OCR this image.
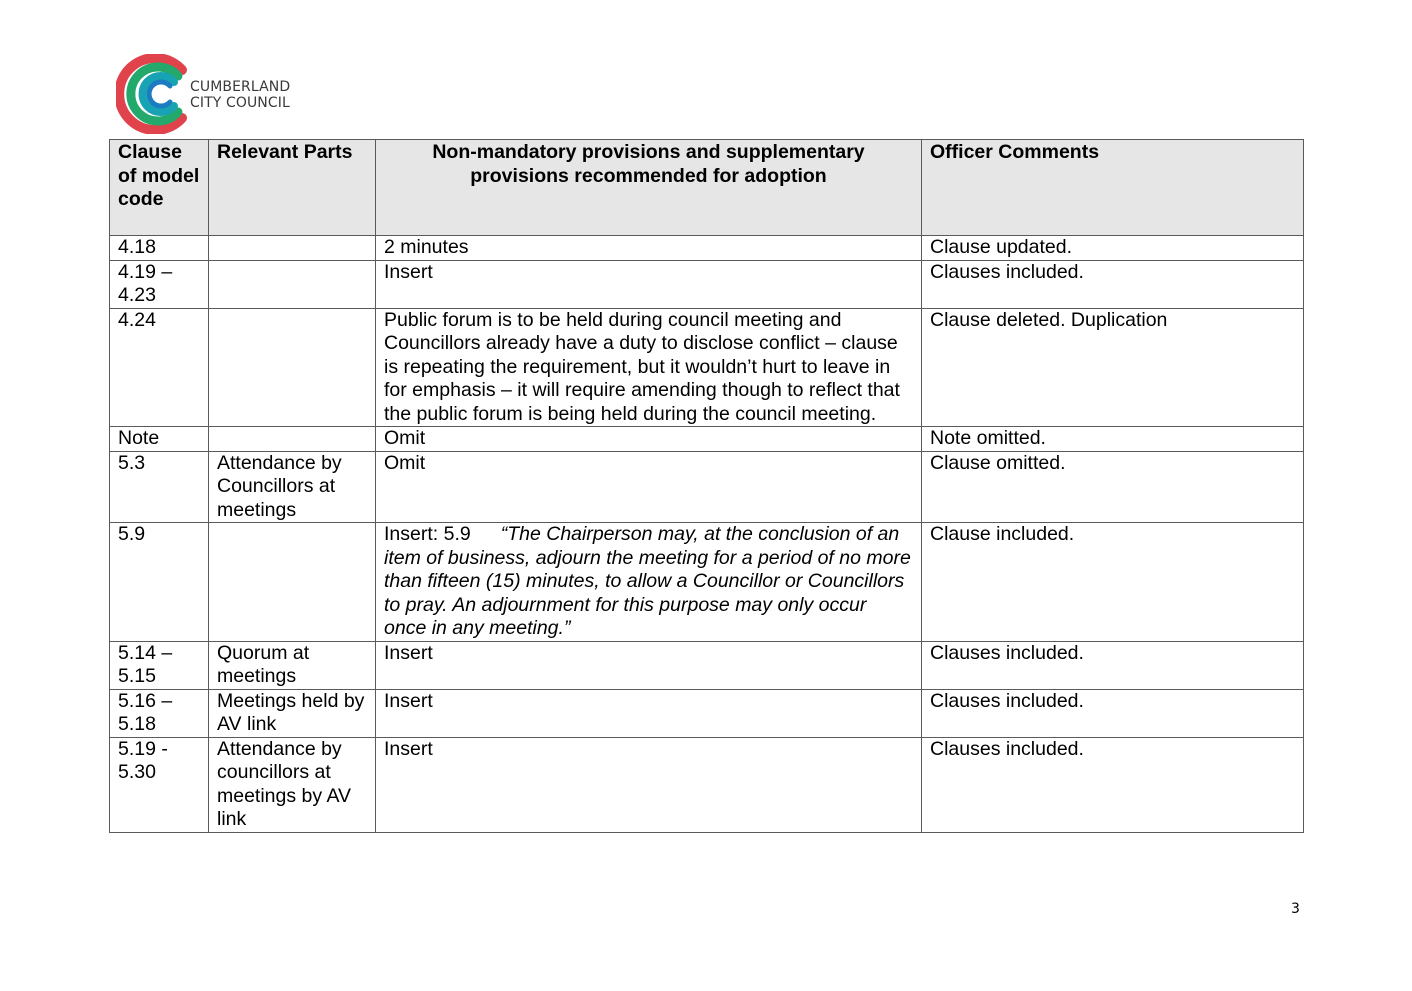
CUMBERLAND
CITY COUNCIL
Clause of model code	Relevant Parts	Non-mandatory provisions and supplementary provisions recommended for adoption	Officer Comments
4.18		2 minutes	Clause updated.
4.19 – 4.23		Insert	Clauses included.
4.24		Public forum is to be held during council meeting and Councillors already have a duty to disclose conflict – clause is repeating the requirement, but it wouldn’t hurt to leave in for emphasis – it will require amending though to reflect that the public forum is being held during the council meeting.	Clause deleted. Duplication
Note		Omit	Note omitted.
5.3	Attendance by Councillors at meetings	Omit	Clause omitted.
5.9		Insert: 5.9 “The Chairperson may, at the conclusion of an item of business, adjourn the meeting for a period of no more than fifteen (15) minutes, to allow a Councillor or Councillors to pray. An adjournment for this purpose may only occur once in any meeting.”	Clause included.
5.14 – 5.15	Quorum at meetings	Insert	Clauses included.
5.16 – 5.18	Meetings held by AV link	Insert	Clauses included.
5.19 - 5.30	Attendance by councillors at meetings by AV link	Insert	Clauses included.
3
